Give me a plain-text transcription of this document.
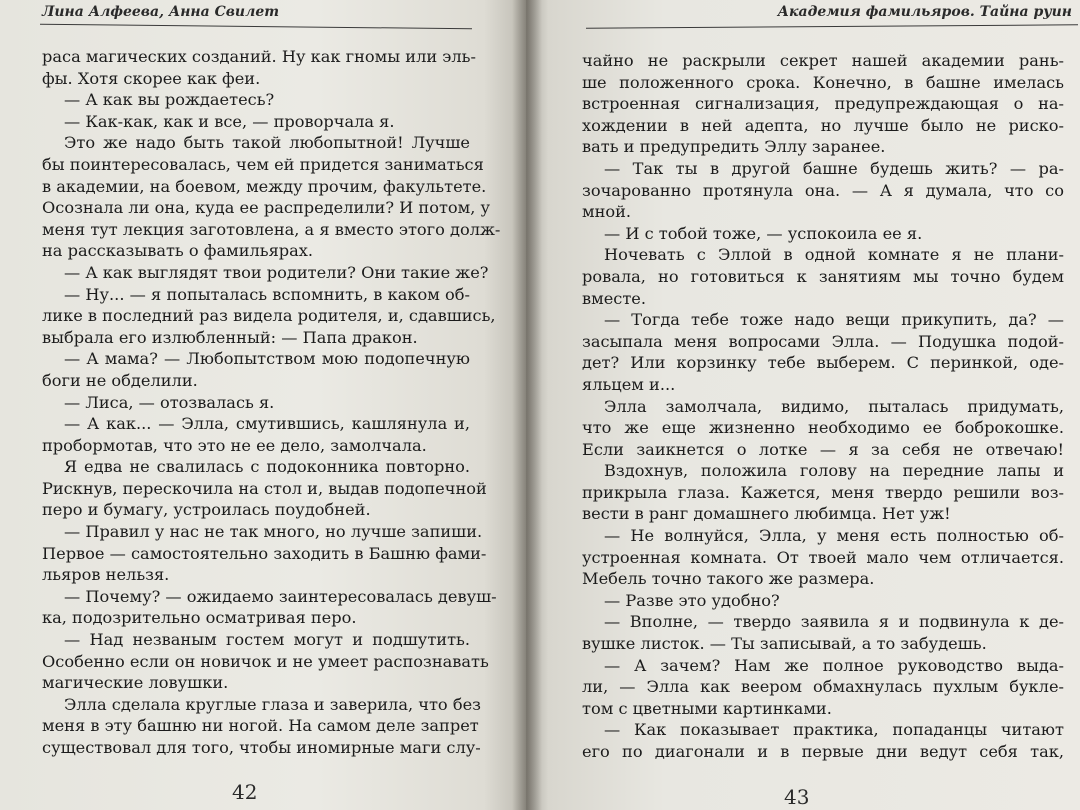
Лина Алфеева, Анна Свилет
раса магических созданий. Ну как гномы или эль-
фы. Хотя скорее как феи.
— А как вы рождаетесь?
— Как-как, как и все, — проворчала я.
Это же надо быть такой любопытной! Лучше
бы поинтересовалась, чем ей придется заниматься
в академии, на боевом, между прочим, факультете.
Осознала ли она, куда ее распределили? И потом, у
меня тут лекция заготовлена, а я вместо этого долж-
на рассказывать о фамильярах.
— А как выглядят твои родители? Они такие же?
— Ну... — я попыталась вспомнить, в каком об-
лике в последний раз видела родителя, и, сдавшись,
выбрала его излюбленный: — Папа дракон.
— А мама? — Любопытством мою подопечную
боги не обделили.
— Лиса, — отозвалась я.
— А как... — Элла, смутившись, кашлянула и,
пробормотав, что это не ее дело, замолчала.
Я едва не свалилась с подоконника повторно.
Рискнув, перескочила на стол и, выдав подопечной
перо и бумагу, устроилась поудобней.
— Правил у нас не так много, но лучше запиши.
Первое — самостоятельно заходить в Башню фами-
льяров нельзя.
— Почему? — ожидаемо заинтересовалась девуш-
ка, подозрительно осматривая перо.
— Над незваным гостем могут и подшутить.
Особенно если он новичок и не умеет распознавать
магические ловушки.
Элла сделала круглые глаза и заверила, что без
меня в эту башню ни ногой. На самом деле запрет
существовал для того, чтобы иномирные маги слу-
42
Академия фамильяров. Тайна руин
чайно не раскрыли секрет нашей академии рань-
ше положенного срока. Конечно, в башне имелась
встроенная сигнализация, предупреждающая о на-
хождении в ней адепта, но лучше было не риско-
вать и предупредить Эллу заранее.
— Так ты в другой башне будешь жить? — ра-
зочарованно протянула она. — А я думала, что со
мной.
— И с тобой тоже, — успокоила ее я.
Ночевать с Эллой в одной комнате я не плани-
ровала, но готовиться к занятиям мы точно будем
вместе.
— Тогда тебе тоже надо вещи прикупить, да? —
засыпала меня вопросами Элла. — Подушка подой-
дет? Или корзинку тебе выберем. С перинкой, оде-
яльцем и...
Элла замолчала, видимо, пыталась придумать,
что же еще жизненно необходимо ее боброкошке.
Если заикнется о лотке — я за себя не отвечаю!
Вздохнув, положила голову на передние лапы и
прикрыла глаза. Кажется, меня твердо решили воз-
вести в ранг домашнего любимца. Нет уж!
— Не волнуйся, Элла, у меня есть полностью об-
устроенная комната. От твоей мало чем отличается.
Мебель точно такого же размера.
— Разве это удобно?
— Вполне, — твердо заявила я и подвинула к де-
вушке листок. — Ты записывай, а то забудешь.
— А зачем? Нам же полное руководство выда-
ли, — Элла как веером обмахнулась пухлым букле-
том с цветными картинками.
— Как показывает практика, попаданцы читают
его по диагонали и в первые дни ведут себя так,
43
